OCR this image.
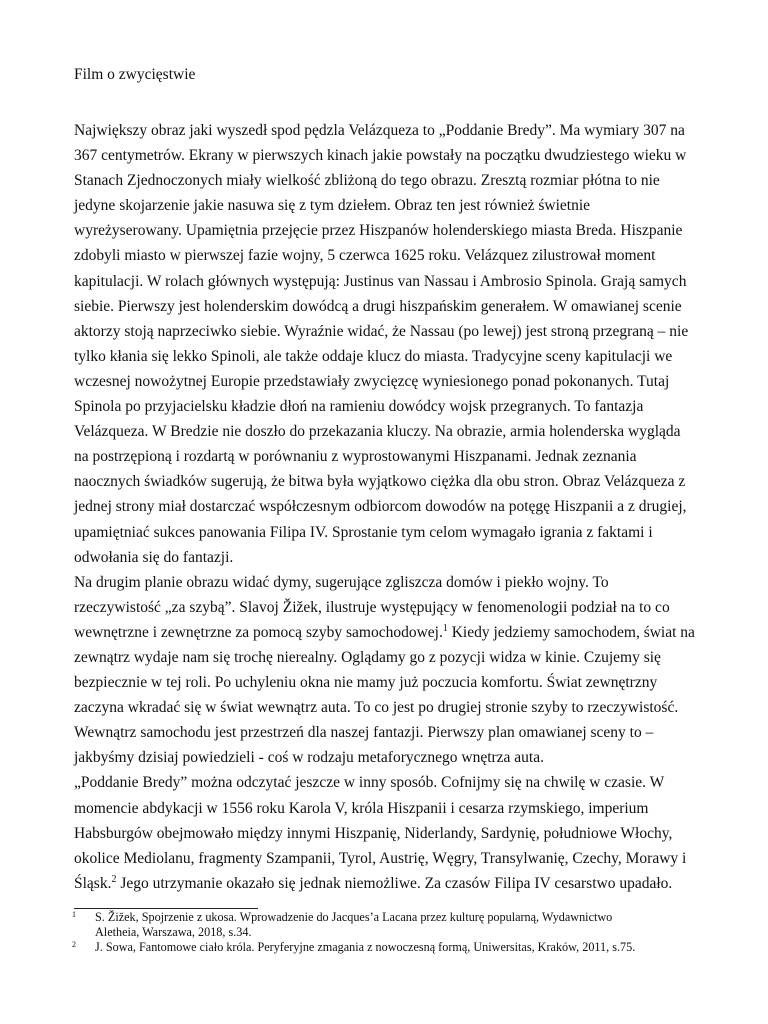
Film o zwycięstwie

Największy obraz jaki wyszedł spod pędzla Velázqueza to „Poddanie Bredy”. Ma wymiary 307 na
367 centymetrów. Ekrany w pierwszych kinach jakie powstały na początku dwudziestego wieku w
Stanach Zjednoczonych miały wielkość zbliżoną do tego obrazu. Zresztą rozmiar płótna to nie
jedyne skojarzenie jakie nasuwa się z tym dziełem. Obraz ten jest również świetnie
wyreżyserowany. Upamiętnia przejęcie przez Hiszpanów holenderskiego miasta Breda. Hiszpanie
zdobyli miasto w pierwszej fazie wojny, 5 czerwca 1625 roku. Velázquez zilustrował moment
kapitulacji. W rolach głównych występują: Justinus van Nassau i Ambrosio Spinola. Grają samych
siebie. Pierwszy jest holenderskim dowódcą a drugi hiszpańskim generałem. W omawianej scenie
aktorzy stoją naprzeciwko siebie. Wyraźnie widać, że Nassau (po lewej) jest stroną przegraną – nie
tylko kłania się lekko Spinoli, ale także oddaje klucz do miasta. Tradycyjne sceny kapitulacji we
wczesnej nowożytnej Europie przedstawiały zwycięzcę wyniesionego ponad pokonanych. Tutaj
Spinola po przyjacielsku kładzie dłoń na ramieniu dowódcy wojsk przegranych. To fantazja
Velázqueza. W Bredzie nie doszło do przekazania kluczy. Na obrazie, armia holenderska wygląda
na postrzępioną i rozdartą w porównaniu z wyprostowanymi Hiszpanami. Jednak zeznania
naocznych świadków sugerują, że bitwa była wyjątkowo ciężka dla obu stron. Obraz Velázqueza z
jednej strony miał dostarczać współczesnym odbiorcom dowodów na potęgę Hiszpanii a z drugiej,
upamiętniać sukces panowania Filipa IV. Sprostanie tym celom wymagało igrania z faktami i
odwołania się do fantazji.
Na drugim planie obrazu widać dymy, sugerujące zgliszcza domów i piekło wojny. To
rzeczywistość „za szybą”. Slavoj Žižek, ilustruje występujący w fenomenologii podział na to co
wewnętrzne i zewnętrzne za pomocą szyby samochodowej.$^1$ Kiedy jedziemy samochodem, świat na
zewnątrz wydaje nam się trochę nierealny. Oglądamy go z pozycji widza w kinie. Czujemy się
bezpiecznie w tej roli. Po uchyleniu okna nie mamy już poczucia komfortu. Świat zewnętrzny
zaczyna wkradać się w świat wewnątrz auta. To co jest po drugiej stronie szyby to rzeczywistość.
Wewnątrz samochodu jest przestrzeń dla naszej fantazji. Pierwszy plan omawianej sceny to –
jakbyśmy dzisiaj powiedzieli - coś w rodzaju metaforycznego wnętrza auta.
„Poddanie Bredy” można odczytać jeszcze w inny sposób. Cofnijmy się na chwilę w czasie. W
momencie abdykacji w 1556 roku Karola V, króla Hiszpanii i cesarza rzymskiego, imperium
Habsburgów obejmowało między innymi Hiszpanię, Niderlandy, Sardynię, południowe Włochy,
okolice Mediolanu, fragmenty Szampanii, Tyrol, Austrię, Węgry, Transylwanię, Czechy, Morawy i
Śląsk.$^2$ Jego utrzymanie okazało się jednak niemożliwe. Za czasów Filipa IV cesarstwo upadało.
1 S. Žižek, Spojrzenie z ukosa. Wprowadzenie do Jacques’a Lacana przez kulturę popularną, Wydawnictwo
Aletheia, Warszawa, 2018, s.34.
2 J. Sowa, Fantomowe ciało króla. Peryferyjne zmagania z nowoczesną formą, Uniwersitas, Kraków, 2011, s.75.
